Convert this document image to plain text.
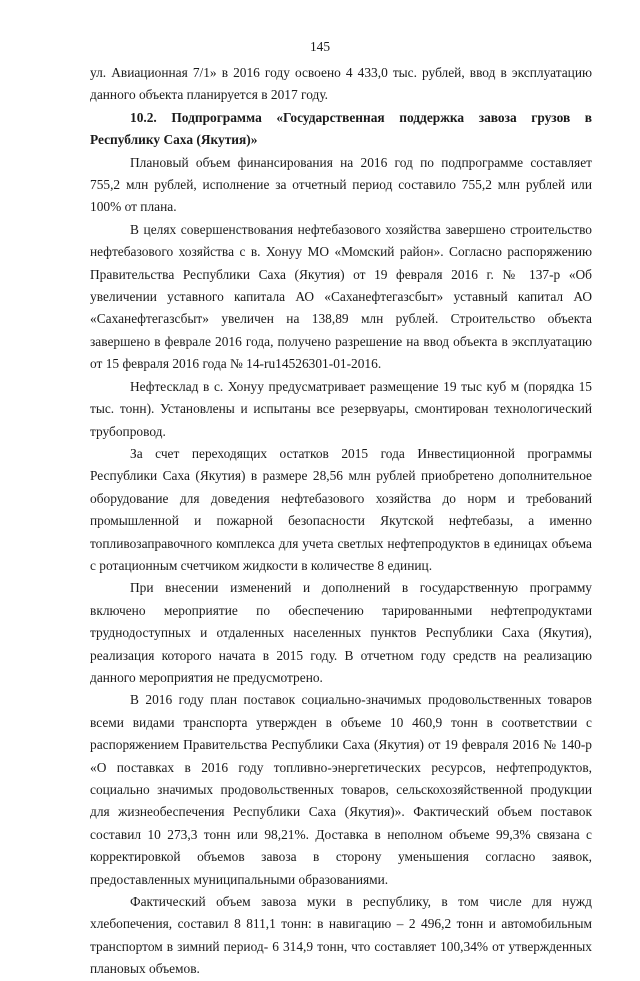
145

ул. Авиационная 7/1» в 2016 году освоено 4 433,0 тыс. рублей, ввод в эксплуатацию данного объекта планируется в 2017 году.

10.2. Подпрограмма «Государственная поддержка завоза грузов в Республику Саха (Якутия)»

Плановый объем финансирования на 2016 год по подпрограмме составляет 755,2 млн рублей, исполнение за отчетный период составило 755,2 млн рублей или 100% от плана.

В целях совершенствования нефтебазового хозяйства завершено строительство нефтебазового хозяйства с в. Хонуу МО «Момский район». Согласно распоряжению Правительства Республики Саха (Якутия) от 19 февраля 2016 г. № 137-р «Об увеличении уставного капитала АО «Саханефтегазсбыт» уставный капитал АО «Саханефтегазсбыт» увеличен на 138,89 млн рублей. Строительство объекта завершено в феврале 2016 года, получено разрешение на ввод объекта в эксплуатацию от 15 февраля 2016 года № 14-ru14526301-01-2016.

Нефтесклад в с. Хонуу предусматривает размещение 19 тыс куб м (порядка 15 тыс. тонн). Установлены и испытаны все резервуары, смонтирован технологический трубопровод.

За счет переходящих остатков 2015 года Инвестиционной программы Республики Саха (Якутия) в размере 28,56 млн рублей приобретено дополнительное оборудование для доведения нефтебазового хозяйства до норм и требований промышленной и пожарной безопасности Якутской нефтебазы, а именно топливозаправочного комплекса для учета светлых нефтепродуктов в единицах объема с ротационным счетчиком жидкости в количестве 8 единиц.

При внесении изменений и дополнений в государственную программу включено мероприятие по обеспечению тарированными нефтепродуктами труднодоступных и отдаленных населенных пунктов Республики Саха (Якутия), реализация которого начата в 2015 году. В отчетном году средств на реализацию данного мероприятия не предусмотрено.

В 2016 году план поставок социально-значимых продовольственных товаров всеми видами транспорта утвержден в объеме 10 460,9 тонн в соответствии с распоряжением Правительства Республики Саха (Якутия) от 19 февраля 2016 № 140-р «О поставках в 2016 году топливно-энергетических ресурсов, нефтепродуктов, социально значимых продовольственных товаров, сельскохозяйственной продукции для жизнеобеспечения Республики Саха (Якутия)». Фактический объем поставок составил 10 273,3 тонн или 98,21%. Доставка в неполном объеме 99,3% связана с корректировкой объемов завоза в сторону уменьшения согласно заявок, предоставленных муниципальными образованиями.

Фактический объем завоза муки в республику, в том числе для нужд хлебопечения, составил 8 811,1 тонн: в навигацию – 2 496,2 тонн и автомобильным транспортом в зимний период- 6 314,9 тонн, что составляет 100,34% от утвержденных плановых объемов.
